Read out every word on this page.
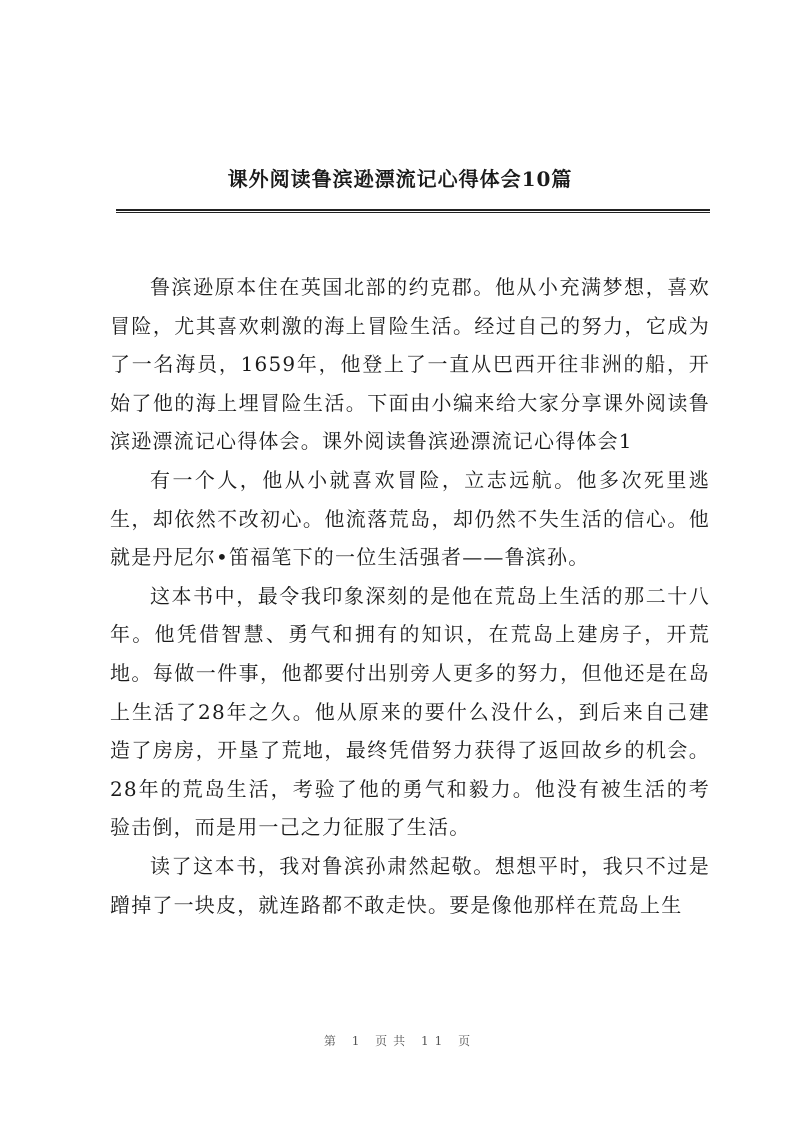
课外阅读鲁滨逊漂流记心得体会10篇

鲁滨逊原本住在英国北部的约克郡。他从小充满梦想，喜欢冒险，尤其喜欢刺激的海上冒险生活。经过自己的努力，它成为了一名海员，1659年，他登上了一直从巴西开往非洲的船，开始了他的海上埋冒险生活。下面由小编来给大家分享课外阅读鲁滨逊漂流记心得体会。课外阅读鲁滨逊漂流记心得体会1

有一个人，他从小就喜欢冒险，立志远航。他多次死里逃生，却依然不改初心。他流落荒岛，却仍然不失生活的信心。他就是丹尼尔•笛福笔下的一位生活强者——鲁滨孙。

这本书中，最令我印象深刻的是他在荒岛上生活的那二十八年。他凭借智慧、勇气和拥有的知识，在荒岛上建房子，开荒地。每做一件事，他都要付出别旁人更多的努力，但他还是在岛上生活了28年之久。他从原来的要什么没什么，到后来自己建造了房房，开垦了荒地，最终凭借努力获得了返回故乡的机会。28年的荒岛生活，考验了他的勇气和毅力。他没有被生活的考验击倒，而是用一己之力征服了生活。

读了这本书，我对鲁滨孙肃然起敬。想想平时，我只不过是蹭掉了一块皮，就连路都不敢走快。要是像他那样在荒岛上生

第 1 页共 11 页
